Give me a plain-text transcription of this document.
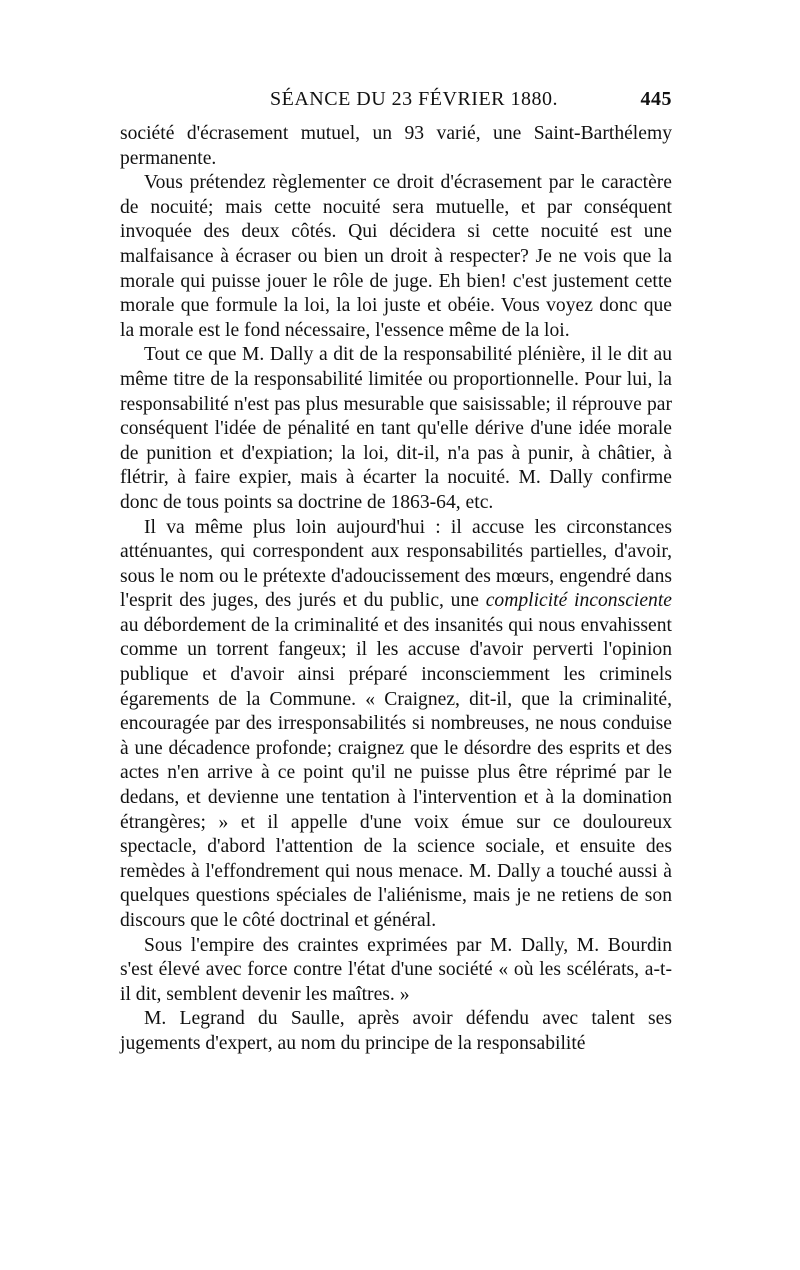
SÉANCE DU 23 FÉVRIER 1880.	445

société d'écrasement mutuel, un 93 varié, une Saint-Barthélemy permanente.

Vous prétendez règlementer ce droit d'écrasement par le caractère de nocuité; mais cette nocuité sera mutuelle, et par conséquent invoquée des deux côtés. Qui décidera si cette nocuité est une malfaisance à écraser ou bien un droit à respecter? Je ne vois que la morale qui puisse jouer le rôle de juge. Eh bien! c'est justement cette morale que formule la loi, la loi juste et obéie. Vous voyez donc que la morale est le fond nécessaire, l'essence même de la loi.

Tout ce que M. Dally a dit de la responsabilité plénière, il le dit au même titre de la responsabilité limitée ou proportionnelle. Pour lui, la responsabilité n'est pas plus mesurable que saisissable; il réprouve par conséquent l'idée de pénalité en tant qu'elle dérive d'une idée morale de punition et d'expiation; la loi, dit-il, n'a pas à punir, à châtier, à flétrir, à faire expier, mais à écarter la nocuité. M. Dally confirme donc de tous points sa doctrine de 1863-64, etc.

Il va même plus loin aujourd'hui : il accuse les circonstances atténuantes, qui correspondent aux responsabilités partielles, d'avoir, sous le nom ou le prétexte d'adoucissement des mœurs, engendré dans l'esprit des juges, des jurés et du public, une complicité inconsciente au débordement de la criminalité et des insanités qui nous envahissent comme un torrent fangeux; il les accuse d'avoir perverti l'opinion publique et d'avoir ainsi préparé inconsciemment les criminels égarements de la Commune. « Craignez, dit-il, que la criminalité, encouragée par des irresponsabilités si nombreuses, ne nous conduise à une décadence profonde; craignez que le désordre des esprits et des actes n'en arrive à ce point qu'il ne puisse plus être réprimé par le dedans, et devienne une tentation à l'intervention et à la domination étrangères; » et il appelle d'une voix émue sur ce douloureux spectacle, d'abord l'attention de la science sociale, et ensuite des remèdes à l'effondrement qui nous menace. M. Dally a touché aussi à quelques questions spéciales de l'aliénisme, mais je ne retiens de son discours que le côté doctrinal et général.

Sous l'empire des craintes exprimées par M. Dally, M. Bourdin s'est élevé avec force contre l'état d'une société « où les scélérats, a-t-il dit, semblent devenir les maîtres. »

M. Legrand du Saulle, après avoir défendu avec talent ses jugements d'expert, au nom du principe de la responsabilité
